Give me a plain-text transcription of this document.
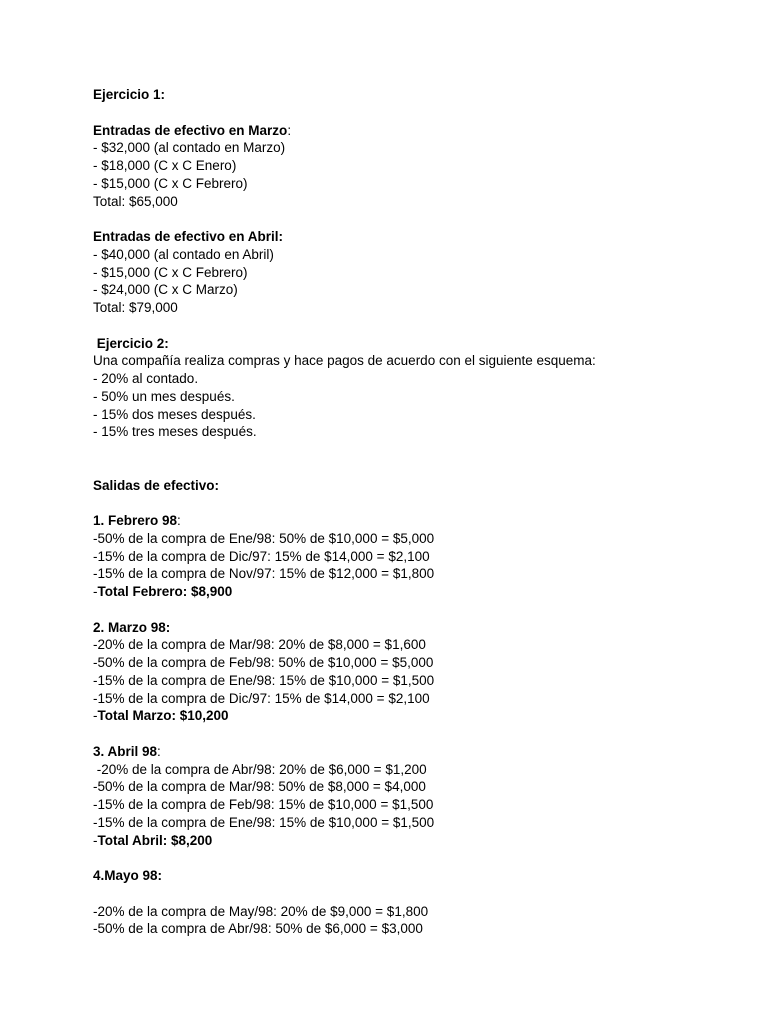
Ejercicio 1:
Entradas de efectivo en Marzo:
- $32,000 (al contado en Marzo)
- $18,000 (C x C Enero)
- $15,000 (C x C Febrero)
Total: $65,000
Entradas de efectivo en Abril:
- $40,000 (al contado en Abril)
- $15,000 (C x C Febrero)
- $24,000 (C x C Marzo)
Total: $79,000
Ejercicio 2:
Una compañía realiza compras y hace pagos de acuerdo con el siguiente esquema:
- 20% al contado.
- 50% un mes después.
- 15% dos meses después.
- 15% tres meses después.
Salidas de efectivo:
1. Febrero 98:
-50% de la compra de Ene/98: 50% de $10,000 = $5,000
-15% de la compra de Dic/97: 15% de $14,000 = $2,100
-15% de la compra de Nov/97: 15% de $12,000 = $1,800
-Total Febrero: $8,900
2. Marzo 98:
-20% de la compra de Mar/98: 20% de $8,000 = $1,600
-50% de la compra de Feb/98: 50% de $10,000 = $5,000
-15% de la compra de Ene/98: 15% de $10,000 = $1,500
-15% de la compra de Dic/97: 15% de $14,000 = $2,100
-Total Marzo: $10,200
3. Abril 98:
-20% de la compra de Abr/98: 20% de $6,000 = $1,200
-50% de la compra de Mar/98: 50% de $8,000 = $4,000
-15% de la compra de Feb/98: 15% de $10,000 = $1,500
-15% de la compra de Ene/98: 15% de $10,000 = $1,500
-Total Abril: $8,200
4.Mayo 98:
-20% de la compra de May/98: 20% de $9,000 = $1,800
-50% de la compra de Abr/98: 50% de $6,000 = $3,000
